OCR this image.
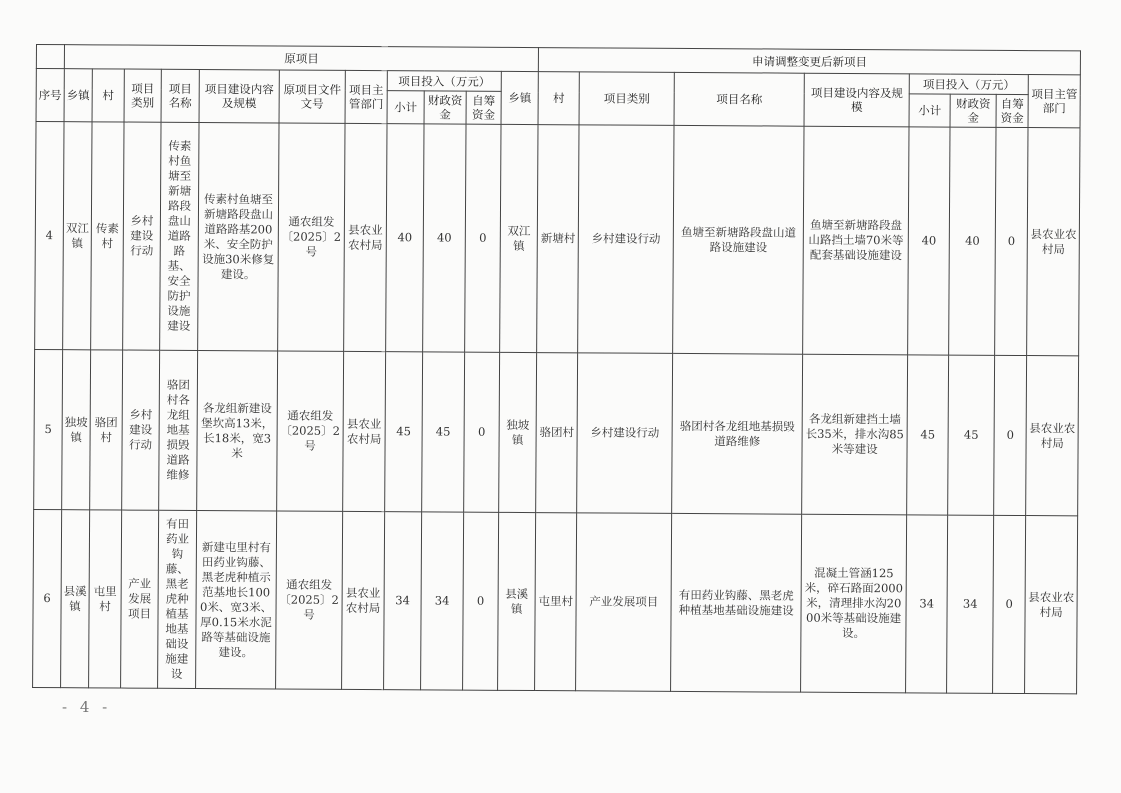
	原项目											申请调整变更后新项目							
序号	乡镇	村	项目类别	项目名称	项目建设内容及规模	原项目文件文号	项目主管部门	项目投入（万元）			乡镇	村	项目类别	项目名称	项目建设内容及规模	项目投入（万元）			项目主管部门
								小计	财政资金	自筹资金						小计	财政资金	自筹资金	
4	双江镇	传素村	乡村建设行动	传素村鱼塘至新塘路段盘山道路路基、安全防护设施建设	传素村鱼塘至新塘路段盘山道路路基200米、安全防护设施30米修复建设。	通农组发〔2025〕2号	县农业农村局	40	40	0	双江镇	新塘村	乡村建设行动	鱼塘至新塘路段盘山道路设施建设	鱼塘至新塘路段盘山路挡土墙70米等配套基础设施建设	40	40	0	县农业农村局
5	独坡镇	骆团村	乡村建设行动	骆团村各龙组地基损毁道路维修	各龙组新建设堡坎高13米，长18米，宽3米	通农组发〔2025〕2号	县农业农村局	45	45	0	独坡镇	骆团村	乡村建设行动	骆团村各龙组地基损毁道路维修	各龙组新建挡土墙长35米，排水沟85米等建设	45	45	0	县农业农村局
6	县溪镇	屯里村	产业发展项目	有田药业钩藤、黑老虎种植基地基础设施建设	新建屯里村有田药业钩藤、黑老虎种植示范基地长1000米、宽3米、厚0.15米水泥路等基础设施建设。	通农组发〔2025〕2号	县农业农村局	34	34	0	县溪镇	屯里村	产业发展项目	有田药业钩藤、黑老虎种植基地基础设施建设	混凝土管涵125米，碎石路面2000米，清理排水沟2000米等基础设施建设。	34	34	0	县农业农村局
- 4 -
